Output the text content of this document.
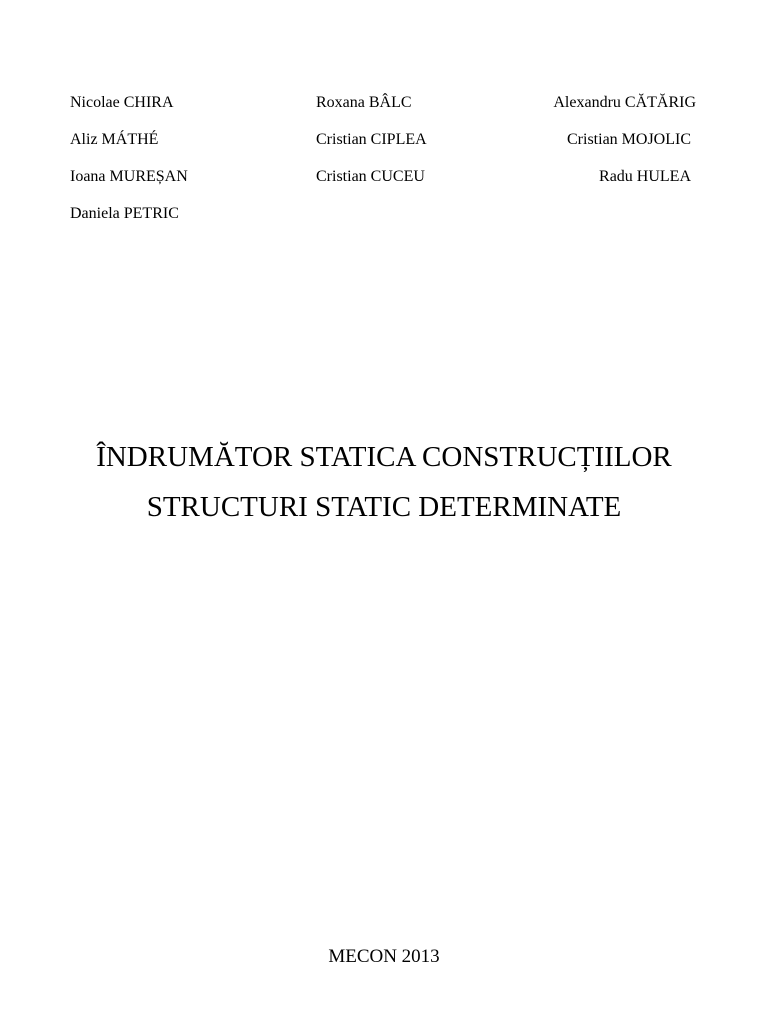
Nicolae CHIRA
Aliz MÁTHÉ
Ioana MUREȘAN
Daniela PETRIC
Roxana BÂLC
Cristian CIPLEA
Cristian CUCEU
Alexandru CĂTĂRIG
Cristian MOJOLIC
Radu HULEA
ÎNDRUMĂTOR STATICA CONSTRUCȚIILOR
STRUCTURI STATIC DETERMINATE
MECON 2013
